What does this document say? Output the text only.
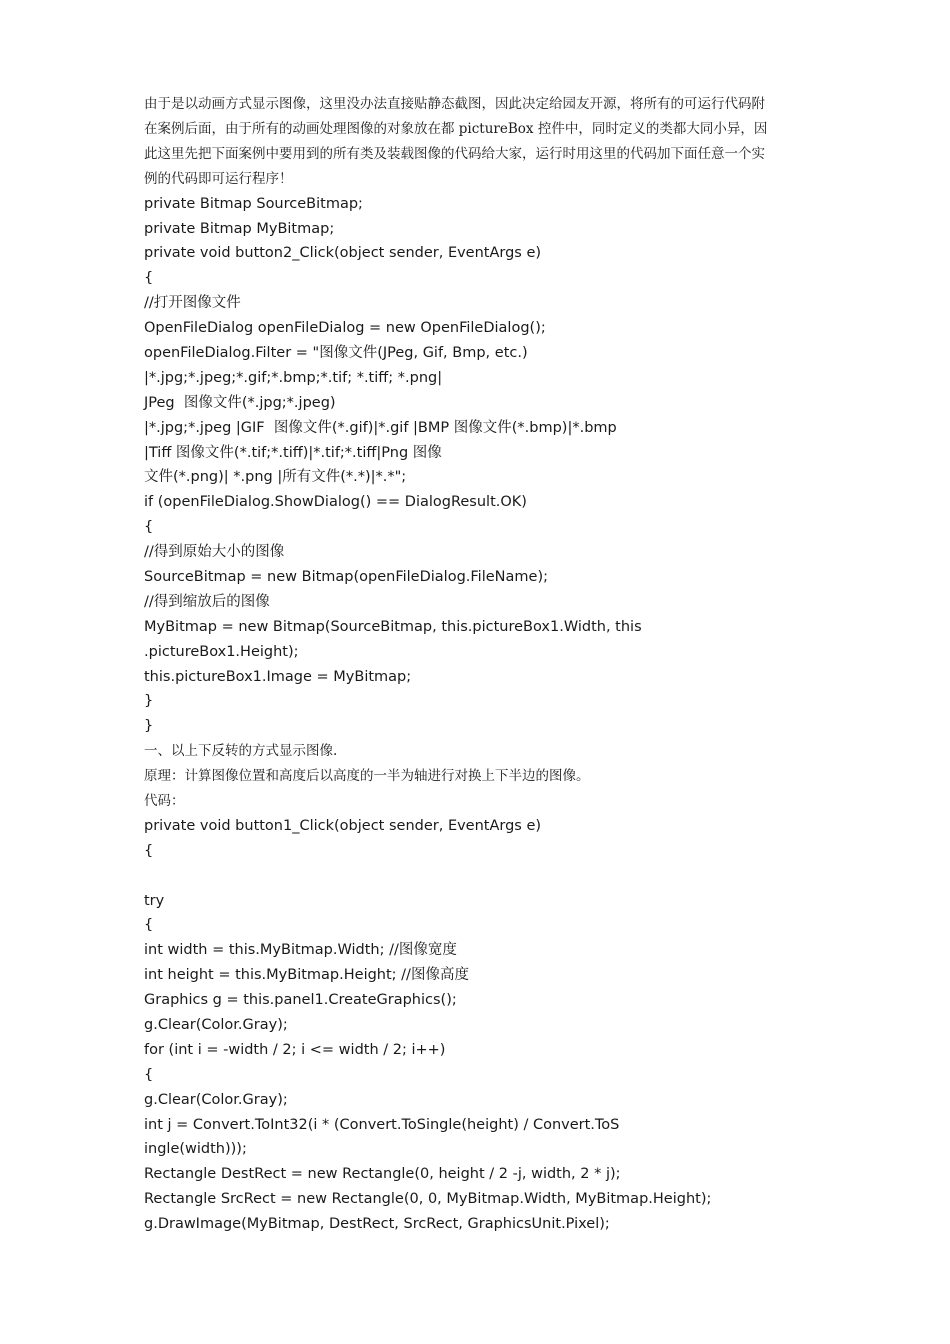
由于是以动画方式显示图像，这里没办法直接贴静态截图，因此决定给园友开源，将所有的可运行代码附

在案例后面，由于所有的动画处理图像的对象放在都 pictureBox 控件中，同时定义的类都大同小异，因

此这里先把下面案例中要用到的所有类及装载图像的代码给大家，运行时用这里的代码加下面任意一个实

例的代码即可运行程序！

private Bitmap SourceBitmap;
private Bitmap MyBitmap;
private void button2_Click(object sender, EventArgs e)
{
//打开图像文件
OpenFileDialog openFileDialog = new OpenFileDialog();
openFileDialog.Filter = "图像文件(JPeg, Gif, Bmp, etc.)
|*.jpg;*.jpeg;*.gif;*.bmp;*.tif; *.tiff; *.png|
JPeg  图像文件(*.jpg;*.jpeg)
|*.jpg;*.jpeg |GIF  图像文件(*.gif)|*.gif |BMP 图像文件(*.bmp)|*.bmp
|Tiff 图像文件(*.tif;*.tiff)|*.tif;*.tiff|Png 图像
文件(*.png)| *.png |所有文件(*.*)|*.*";
if (openFileDialog.ShowDialog() == DialogResult.OK)
{
//得到原始大小的图像
SourceBitmap = new Bitmap(openFileDialog.FileName);
//得到缩放后的图像
MyBitmap = new Bitmap(SourceBitmap, this.pictureBox1.Width, this
.pictureBox1.Height);
this.pictureBox1.Image = MyBitmap;
}
}
一、以上下反转的方式显示图像.
原理：计算图像位置和高度后以高度的一半为轴进行对换上下半边的图像。
代码：
private void button1_Click(object sender, EventArgs e)
{
try
{
int width = this.MyBitmap.Width; //图像宽度
int height = this.MyBitmap.Height; //图像高度
Graphics g = this.panel1.CreateGraphics();
g.Clear(Color.Gray);
for (int i = -width / 2; i <= width / 2; i++)
{
g.Clear(Color.Gray);
int j = Convert.ToInt32(i * (Convert.ToSingle(height) / Convert.ToS
ingle(width)));
Rectangle DestRect = new Rectangle(0, height / 2 -j, width, 2 * j);
Rectangle SrcRect = new Rectangle(0, 0, MyBitmap.Width, MyBitmap.Height);
g.DrawImage(MyBitmap, DestRect, SrcRect, GraphicsUnit.Pixel);
